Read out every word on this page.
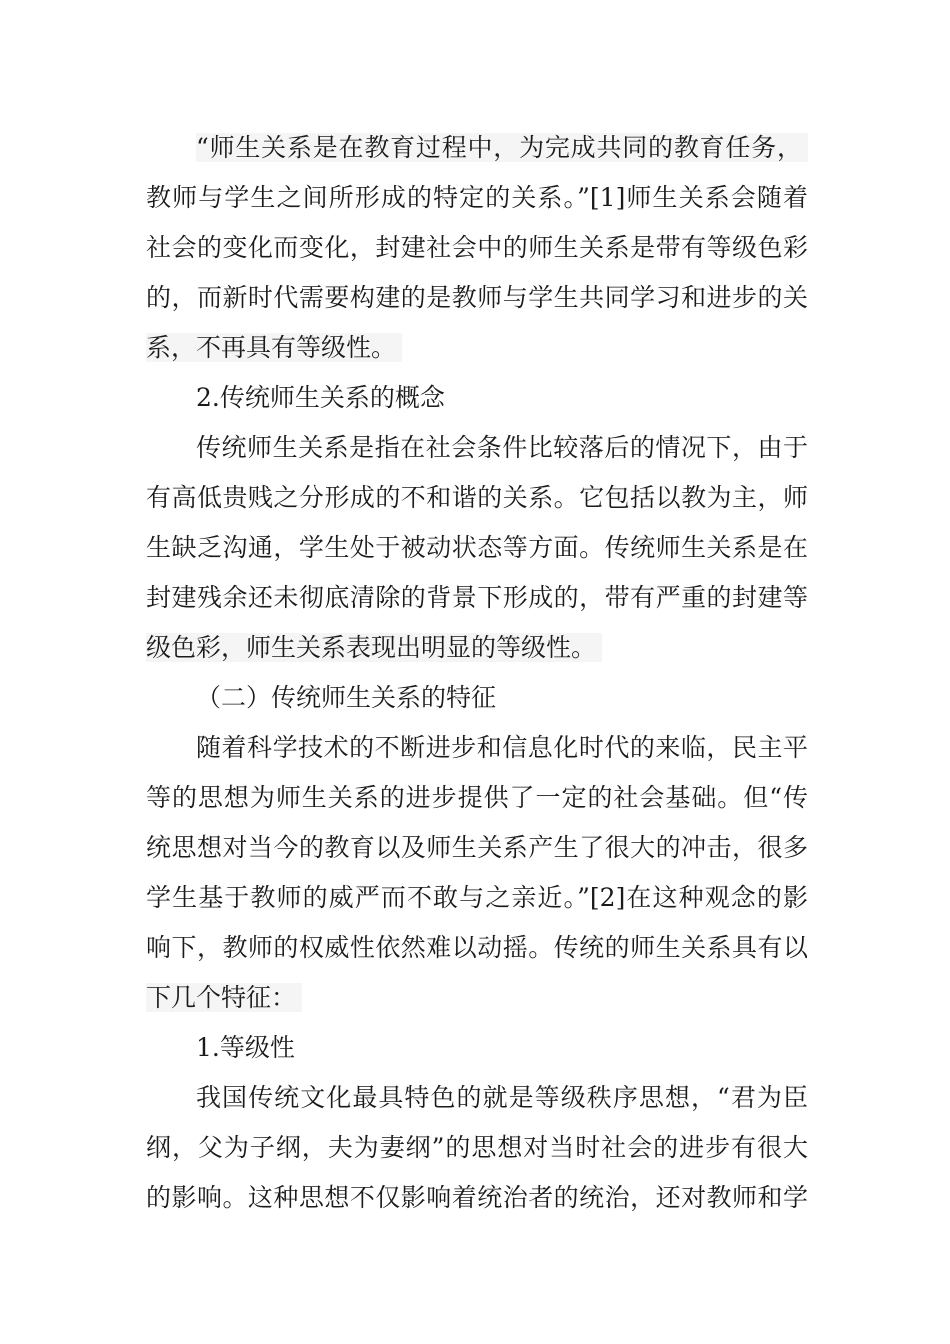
“师生关系是在教育过程中，为完成共同的教育任务，
教师与学生之间所形成的特定的关系。”[1]师生关系会随着
社会的变化而变化，封建社会中的师生关系是带有等级色彩
的，而新时代需要构建的是教师与学生共同学习和进步的关
系，不再具有等级性。
2.传统师生关系的概念
传统师生关系是指在社会条件比较落后的情况下，由于
有高低贵贱之分形成的不和谐的关系。它包括以教为主，师
生缺乏沟通，学生处于被动状态等方面。传统师生关系是在
封建残余还未彻底清除的背景下形成的，带有严重的封建等
级色彩，师生关系表现出明显的等级性。
（二）传统师生关系的特征
随着科学技术的不断进步和信息化时代的来临，民主平
等的思想为师生关系的进步提供了一定的社会基础。但“传
统思想对当今的教育以及师生关系产生了很大的冲击，很多
学生基于教师的威严而不敢与之亲近。”[2]在这种观念的影
响下，教师的权威性依然难以动摇。传统的师生关系具有以
下几个特征：
1.等级性
我国传统文化最具特色的就是等级秩序思想，“君为臣
纲，父为子纲，夫为妻纲”的思想对当时社会的进步有很大
的影响。这种思想不仅影响着统治者的统治，还对教师和学
